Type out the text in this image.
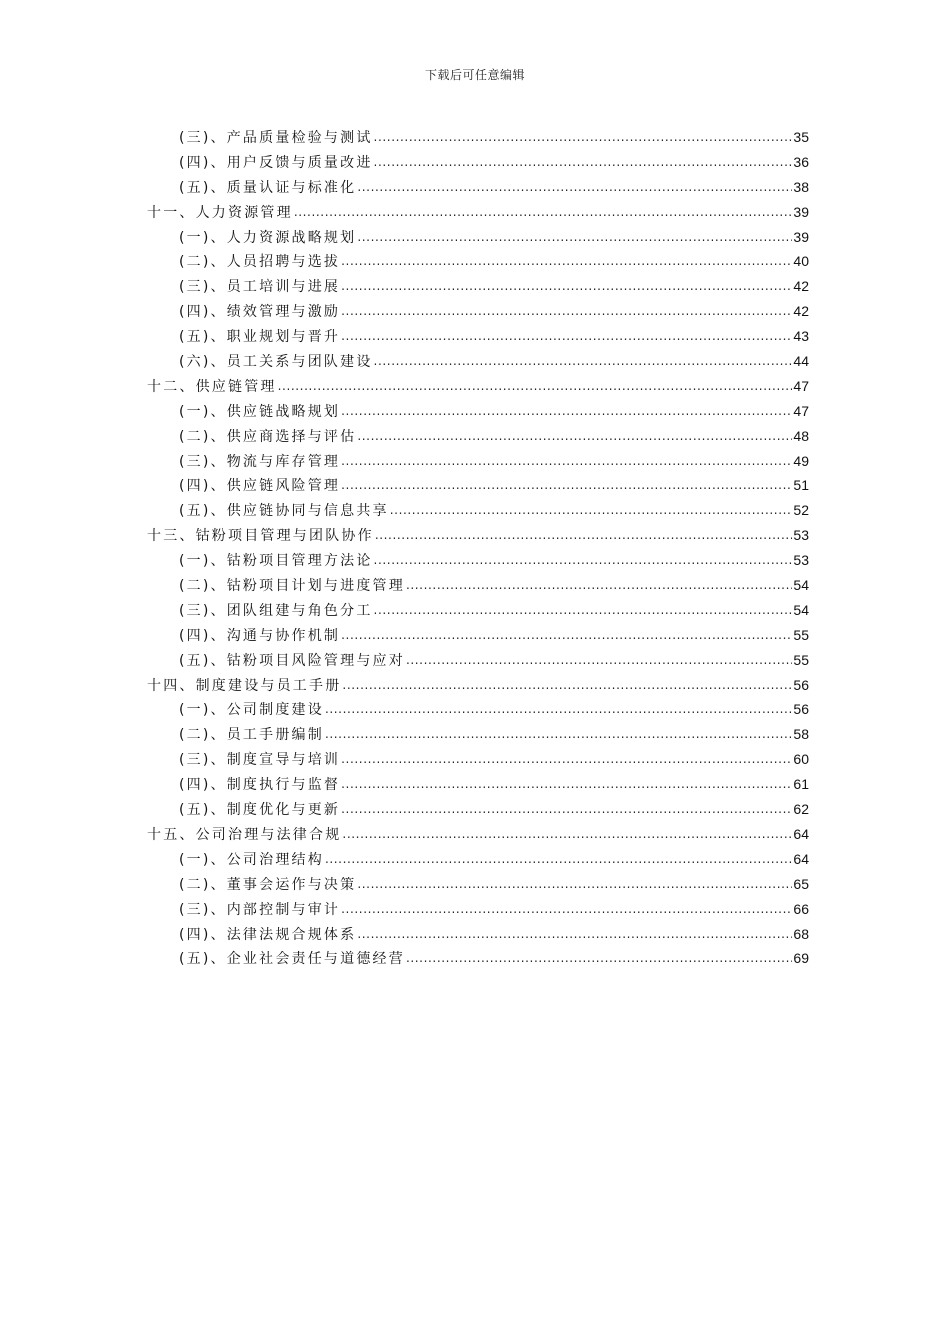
下载后可任意编辑
(三)、产品质量检验与测试 .....	35
(四)、用户反馈与质量改进 .....	36
(五)、质量认证与标准化 .....	38
十一、人力资源管理 .....	39
(一)、人力资源战略规划 .....	39
(二)、人员招聘与选拔 .....	40
(三)、员工培训与进展 .....	42
(四)、绩效管理与激励 .....	42
(五)、职业规划与晋升 .....	43
(六)、员工关系与团队建设 .....	44
十二、供应链管理 .....	47
(一)、供应链战略规划 .....	47
(二)、供应商选择与评估 .....	48
(三)、物流与库存管理 .....	49
(四)、供应链风险管理 .....	51
(五)、供应链协同与信息共享 .....	52
十三、钴粉项目管理与团队协作 .....	53
(一)、钴粉项目管理方法论 .....	53
(二)、钴粉项目计划与进度管理 .....	54
(三)、团队组建与角色分工 .....	54
(四)、沟通与协作机制 .....	55
(五)、钴粉项目风险管理与应对 .....	55
十四、制度建设与员工手册 .....	56
(一)、公司制度建设 .....	56
(二)、员工手册编制 .....	58
(三)、制度宣导与培训 .....	60
(四)、制度执行与监督 .....	61
(五)、制度优化与更新 .....	62
十五、公司治理与法律合规 .....	64
(一)、公司治理结构 .....	64
(二)、董事会运作与决策 .....	65
(三)、内部控制与审计 .....	66
(四)、法律法规合规体系 .....	68
(五)、企业社会责任与道德经营 .....	69
